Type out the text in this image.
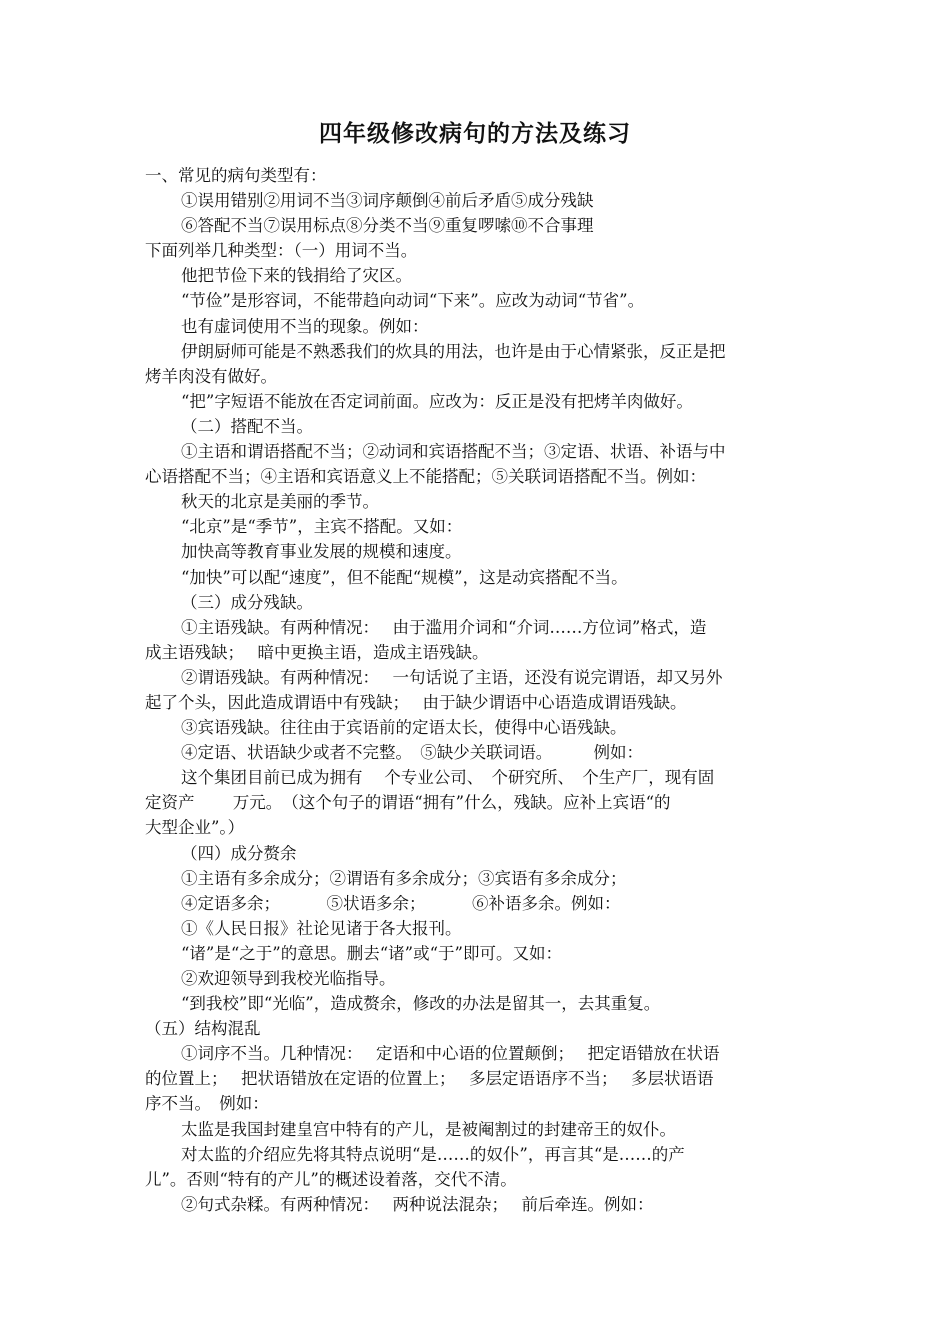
四年级修改病句的方法及练习
一、常见的病句类型有：
①误用错别②用词不当③词序颠倒④前后矛盾⑤成分残缺
⑥答配不当⑦误用标点⑧分类不当⑨重复啰嗦⑩不合事理
下面列举几种类型：（一）用词不当。
他把节俭下来的钱捐给了灾区。
“节俭”是形容词，不能带趋向动词“下来”。应改为动词“节省”。
也有虚词使用不当的现象。例如：
伊朗厨师可能是不熟悉我们的炊具的用法，也许是由于心情紧张，反正是把
烤羊肉没有做好。
“把”字短语不能放在否定词前面。应改为：反正是没有把烤羊肉做好。
（二）搭配不当。
①主语和谓语搭配不当；②动词和宾语搭配不当；③定语、状语、补语与中
心语搭配不当；④主语和宾语意义上不能搭配；⑤关联词语搭配不当。例如：
秋天的北京是美丽的季节。
“北京”是“季节”，主宾不搭配。又如：
加快高等教育事业发展的规模和速度。
“加快”可以配“速度”，但不能配“规模”，这是动宾搭配不当。
（三）成分残缺。
①主语残缺。有两种情况：　 由于滥用介词和“介词……方位词”格式，造
成主语残缺；　 暗中更换主语，造成主语残缺。
②谓语残缺。有两种情况：　 一句话说了主语，还没有说完谓语，却又另外
起了个头，因此造成谓语中有残缺；　 由于缺少谓语中心语造成谓语残缺。
③宾语残缺。往往由于宾语前的定语太长，使得中心语残缺。
④定语、状语缺少或者不完整。　⑤缺少关联词语。　　　例如：
这个集团目前已成为拥有　 个专业公司、　个研究所、　个生产厂，现有固
定资产　　 万元。　（这个句子的谓语“拥有”什么，残缺。应补上宾语“的
大型企业”。）
（四）成分赘余
①主语有多余成分；②谓语有多余成分；③宾语有多余成分；
④定语多余；　　　 ⑤状语多余；　　　 ⑥补语多余。例如：
①《人民日报》社论见诸于各大报刊。
“诸”是“之于”的意思。删去“诸”或“于”即可。又如：
②欢迎领导到我校光临指导。
“到我校”即“光临”，造成赘余，修改的办法是留其一，去其重复。
（五）结构混乱
①词序不当。几种情况：　 定语和中心语的位置颠倒；　 把定语错放在状语
的位置上；　 把状语错放在定语的位置上；　 多层定语语序不当；　 多层状语语
序不当。　例如：
太监是我国封建皇宫中特有的产儿，是被阉割过的封建帝王的奴仆。
对太监的介绍应先将其特点说明“是……的奴仆”，再言其“是……的产
儿”。否则“特有的产儿”的概述设着落，交代不清。
②句式杂糅。有两种情况：　 两种说法混杂；　 前后牵连。例如：
